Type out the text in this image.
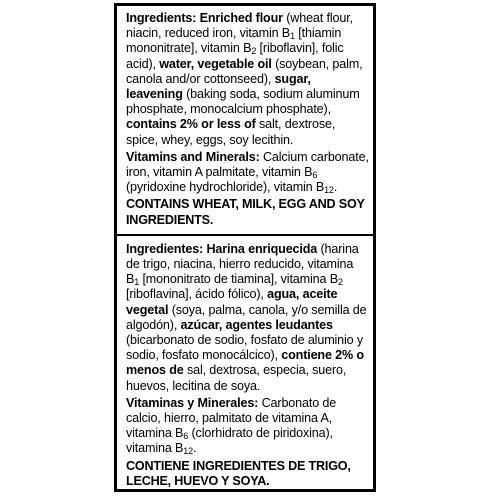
Ingredients: Enriched flour (wheat flour, niacin, reduced iron, vitamin $B_1$ [thiamin mononitrate], vitamin $B_2$ [riboflavin], folic acid), water, vegetable oil (soybean, palm, canola and/or cottonseed), sugar, leavening (baking soda, sodium aluminum phosphate, monocalcium phosphate), contains 2% or less of salt, dextrose, spice, whey, eggs, soy lecithin.

Vitamins and Minerals: Calcium carbonate, iron, vitamin A palmitate, vitamin $B_6$ (pyridoxine hydrochloride), vitamin $B_{12}$.

CONTAINS WHEAT, MILK, EGG AND SOY INGREDIENTS.

Ingredientes: Harina enriquecida (harina de trigo, niacina, hierro reducido, vitamina $B_1$ [mononitrato de tiamina], vitamina $B_2$ [riboflavina], ácido fólico), agua, aceite vegetal (soya, palma, canola, y/o semilla de algodón), azúcar, agentes leudantes (bicarbonato de sodio, fosfato de aluminio y sodio, fosfato monocálcico), contiene 2% o menos de sal, dextrosa, especia, suero, huevos, lecitina de soya.

Vitaminas y Minerales: Carbonato de calcio, hierro, palmitato de vitamina A, vitamina $B_6$ (clorhidrato de piridoxina), vitamina $B_{12}$.

CONTIENE INGREDIENTES DE TRIGO, LECHE, HUEVO Y SOYA.
